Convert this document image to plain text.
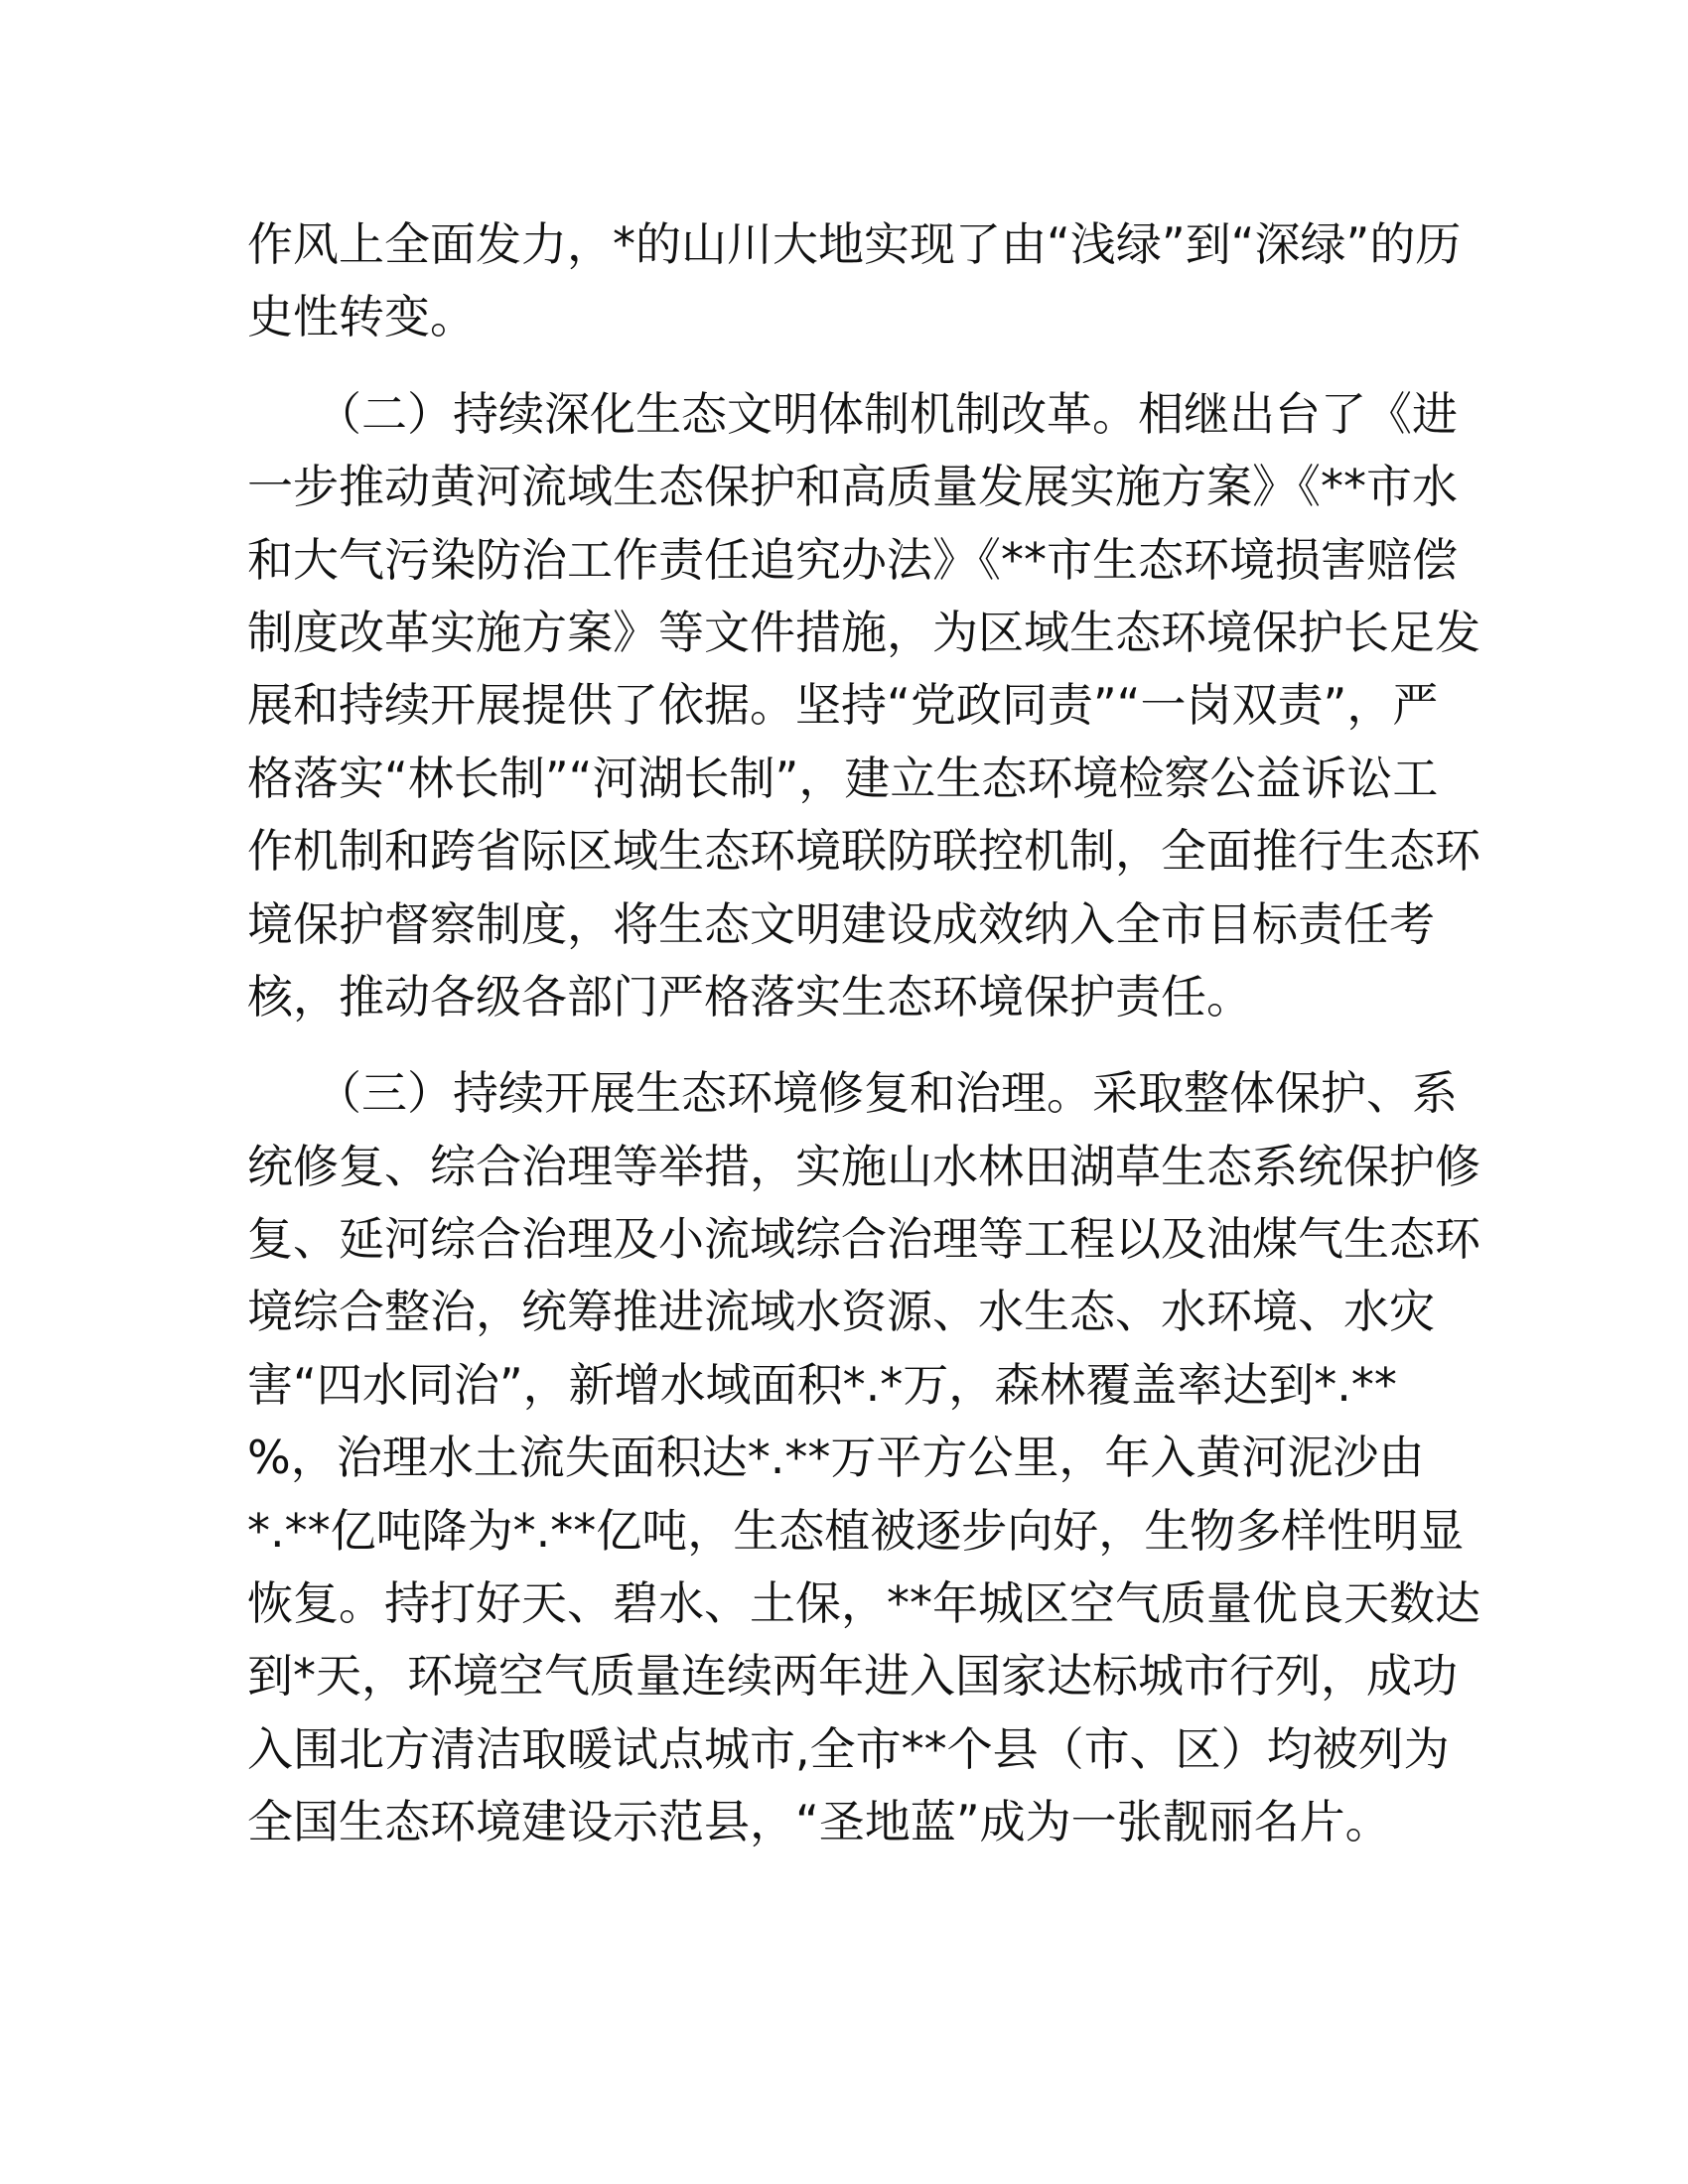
作风上全面发力，*的山川大地实现了由“浅绿”到“深绿”的历
史性转变。
　　（二）持续深化生态文明体制机制改革。相继出台了《进
一步推动黄河流域生态保护和高质量发展实施方案》《**市水
和大气污染防治工作责任追究办法》《**市生态环境损害赔偿
制度改革实施方案》等文件措施，为区域生态环境保护长足发
展和持续开展提供了依据。坚持“党政同责”“一岗双责”，严
格落实“林长制”“河湖长制”，建立生态环境检察公益诉讼工
作机制和跨省际区域生态环境联防联控机制，全面推行生态环
境保护督察制度，将生态文明建设成效纳入全市目标责任考
核，推动各级各部门严格落实生态环境保护责任。
　　（三）持续开展生态环境修复和治理。采取整体保护、系
统修复、综合治理等举措，实施山水林田湖草生态系统保护修
复、延河综合治理及小流域综合治理等工程以及油煤气生态环
境综合整治，统筹推进流域水资源、水生态、水环境、水灾
害“四水同治”，新增水域面积*.*万，森林覆盖率达到*.**
%，治理水土流失面积达*.**万平方公里，年入黄河泥沙由
*.**亿吨降为*.**亿吨，生态植被逐步向好，生物多样性明显
恢复。持打好天、碧水、土保，**年城区空气质量优良天数达
到*天，环境空气质量连续两年进入国家达标城市行列，成功
入围北方清洁取暖试点城市,全市**个县（市、区）均被列为
全国生态环境建设示范县，“圣地蓝”成为一张靓丽名片。
